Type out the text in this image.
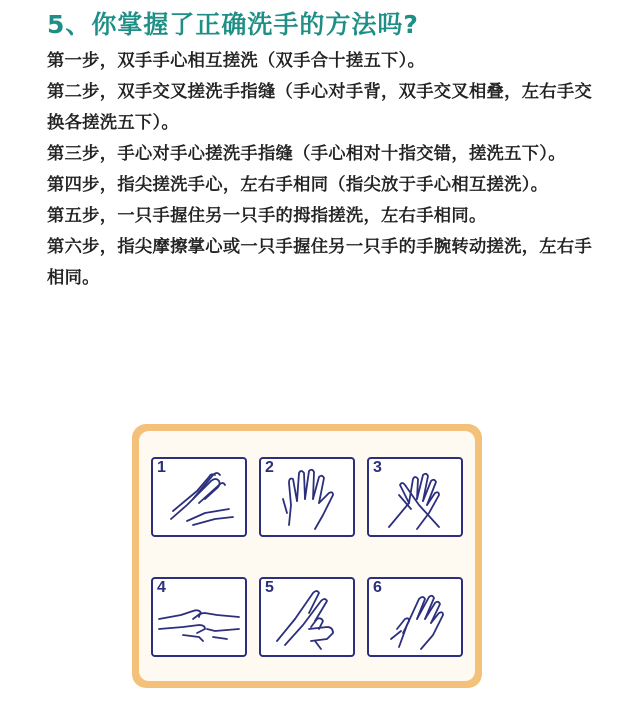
5、你掌握了正确洗手的方法吗?

第一步，双手手心相互搓洗（双手合十搓五下）。

第二步，双手交叉搓洗手指缝（手心对手背，双手交叉相叠，左右手交换各搓洗五下）。

第三步，手心对手心搓洗手指缝（手心相对十指交错，搓洗五下）。

第四步，指尖搓洗手心，左右手相同（指尖放于手心相互搓洗）。

第五步，一只手握住另一只手的拇指搓洗，左右手相同。

第六步，指尖摩擦掌心或一只手握住另一只手的手腕转动搓洗，左右手相同。

1	2	3
4	5	6
